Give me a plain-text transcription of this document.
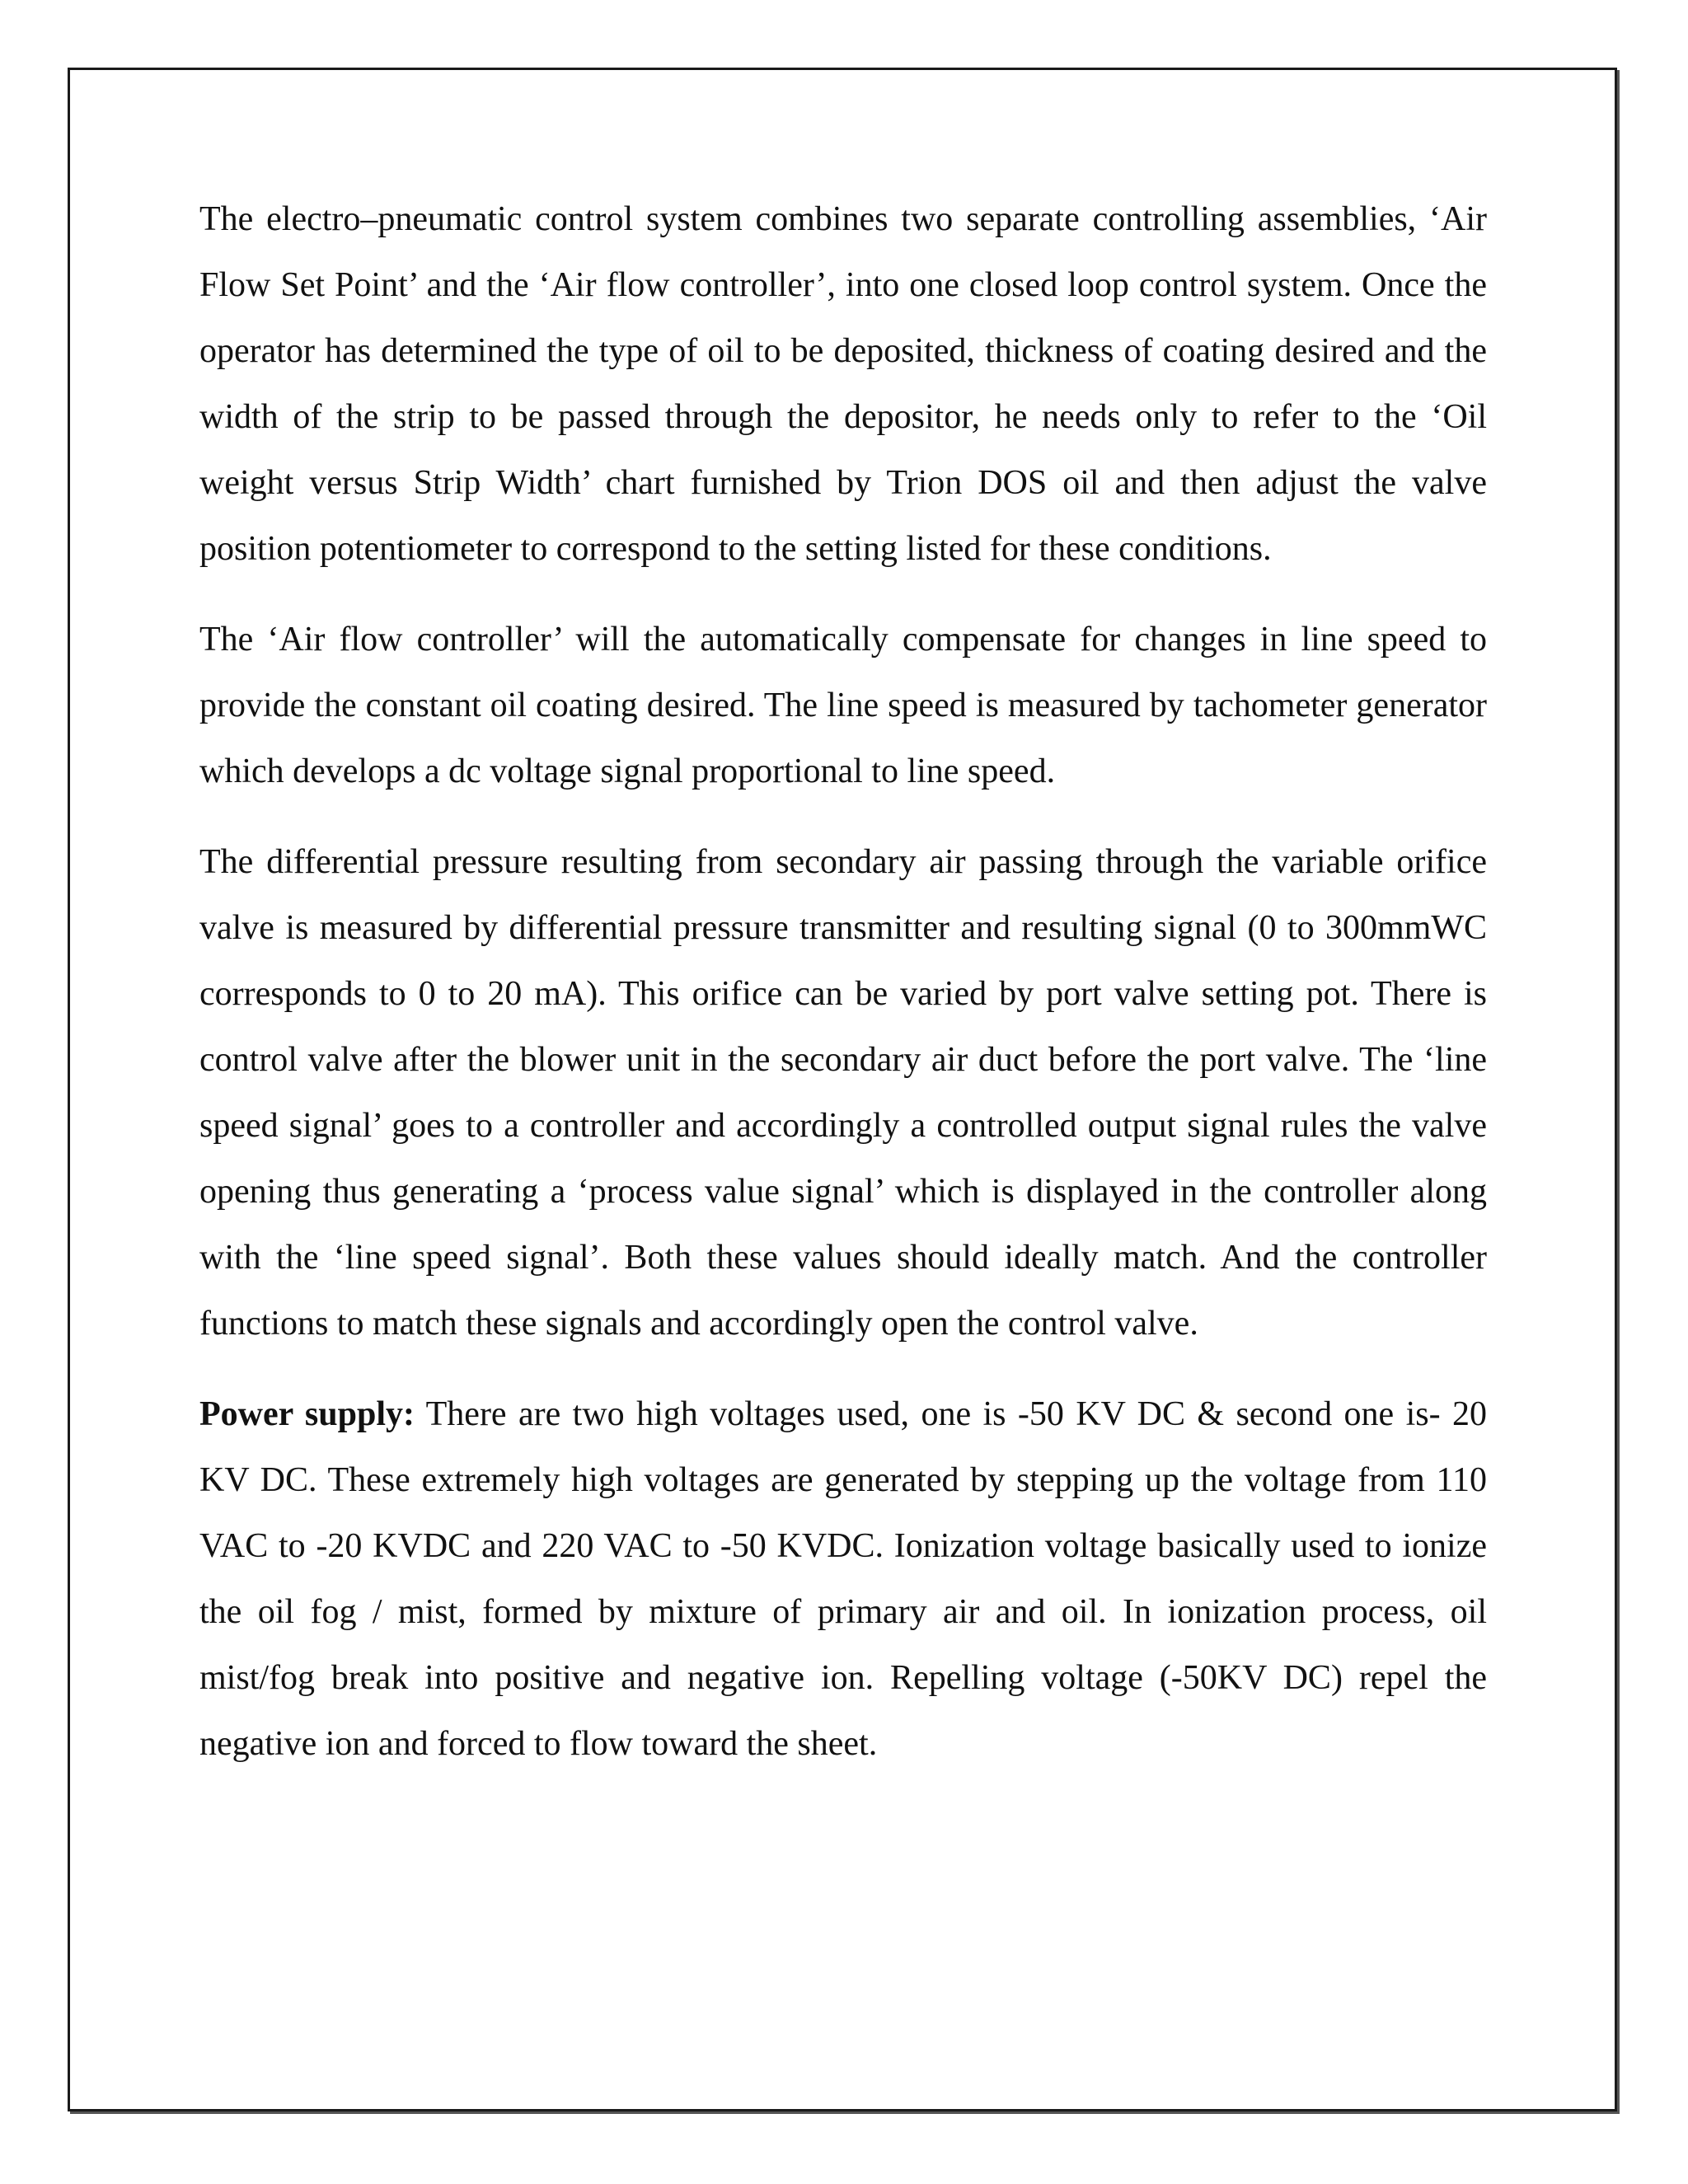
The electro–pneumatic control system combines two separate controlling assemblies, ‘Air Flow Set Point’ and the ‘Air flow controller’, into one closed loop control system. Once the operator has determined the type of oil to be deposited, thickness of coating desired and the width of the strip to be passed through the depositor, he needs only to refer to the ‘Oil weight versus Strip Width’ chart furnished by Trion DOS oil and then adjust the valve position potentiometer to correspond to the setting listed for these conditions.

The ‘Air flow controller’ will the automatically compensate for changes in line speed to provide the constant oil coating desired. The line speed is measured by tachometer generator which develops a dc voltage signal proportional to line speed.

The differential pressure resulting from secondary air passing through the variable orifice valve is measured by differential pressure transmitter and resulting signal (0 to 300mmWC corresponds to 0 to 20 mA). This orifice can be varied by port valve setting pot. There is control valve after the blower unit in the secondary air duct before the port valve. The ‘line speed signal’ goes to a controller and accordingly a controlled output signal rules the valve opening thus generating a ‘process value signal’ which is displayed in the controller along with the ‘line speed signal’. Both these values should ideally match. And the controller functions to match these signals and accordingly open the control valve.

Power supply: There are two high voltages used, one is -50 KV DC & second one is- 20 KV DC. These extremely high voltages are generated by stepping up the voltage from 110 VAC to -20 KVDC and 220 VAC to -50 KVDC. Ionization voltage basically used to ionize the oil fog / mist, formed by mixture of primary air and oil. In ionization process, oil mist/fog break into positive and negative ion. Repelling voltage (-50KV DC) repel the negative ion and forced to flow toward the sheet.
